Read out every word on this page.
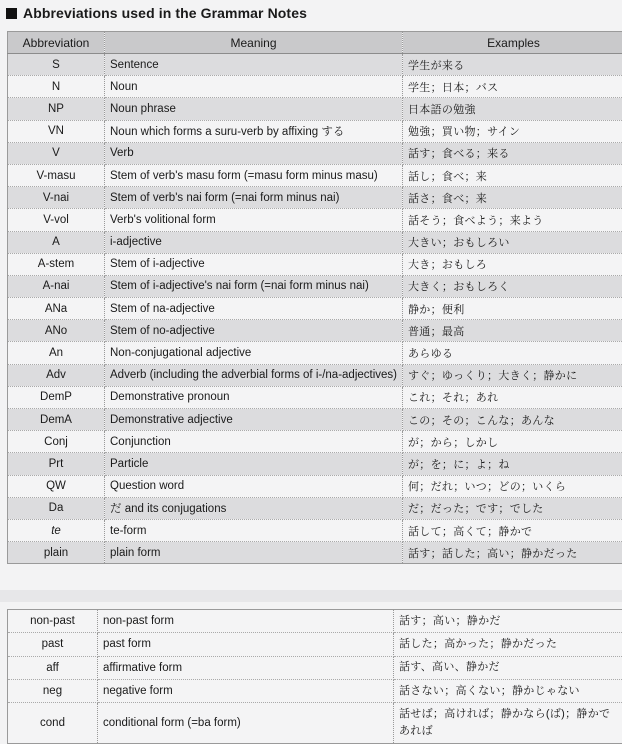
Abbreviations used in the Grammar Notes
Abbreviation	Meaning	Examples
S	Sentence	学生が来る
N	Noun	学生；日本；バス
NP	Noun phrase	日本語の勉強
VN	Noun which forms a suru-verb by affixing する	勉強；買い物；サイン
V	Verb	話す；食べる；来る
V-masu	Stem of verb's masu form (=masu form minus masu)	話し；食べ；来
V-nai	Stem of verb's nai form (=nai form minus nai)	話さ；食べ；来
V-vol	Verb's volitional form	話そう；食べよう；来よう
A	i-adjective	大きい；おもしろい
A-stem	Stem of i-adjective	大き；おもしろ
A-nai	Stem of i-adjective's nai form (=nai form minus nai)	大きく；おもしろく
ANa	Stem of na-adjective	静か；便利
ANo	Stem of no-adjective	普通；最高
An	Non-conjugational adjective	あらゆる
Adv	Adverb (including the adverbial forms of i-/na-adjectives)	すぐ；ゆっくり；大きく；静かに
DemP	Demonstrative pronoun	これ；それ；あれ
DemA	Demonstrative adjective	この；その；こんな；あんな
Conj	Conjunction	が；から；しかし
Prt	Particle	が；を；に；よ；ね
QW	Question word	何；だれ；いつ；どの；いくら
Da	だ and its conjugations	だ；だった；です；でした
te	te-form	話して；高くて；静かで
plain	plain form	話す；話した；高い；静かだった
non-past	non-past form	話す；高い；静かだ
past	past form	話した；高かった；静かだった
aff	affirmative form	話す、高い、静かだ
neg	negative form	話さない；高くない；静かじゃない
cond	conditional form (=ba form)	話せば；高ければ；静かなら(ば)；静かであれば
